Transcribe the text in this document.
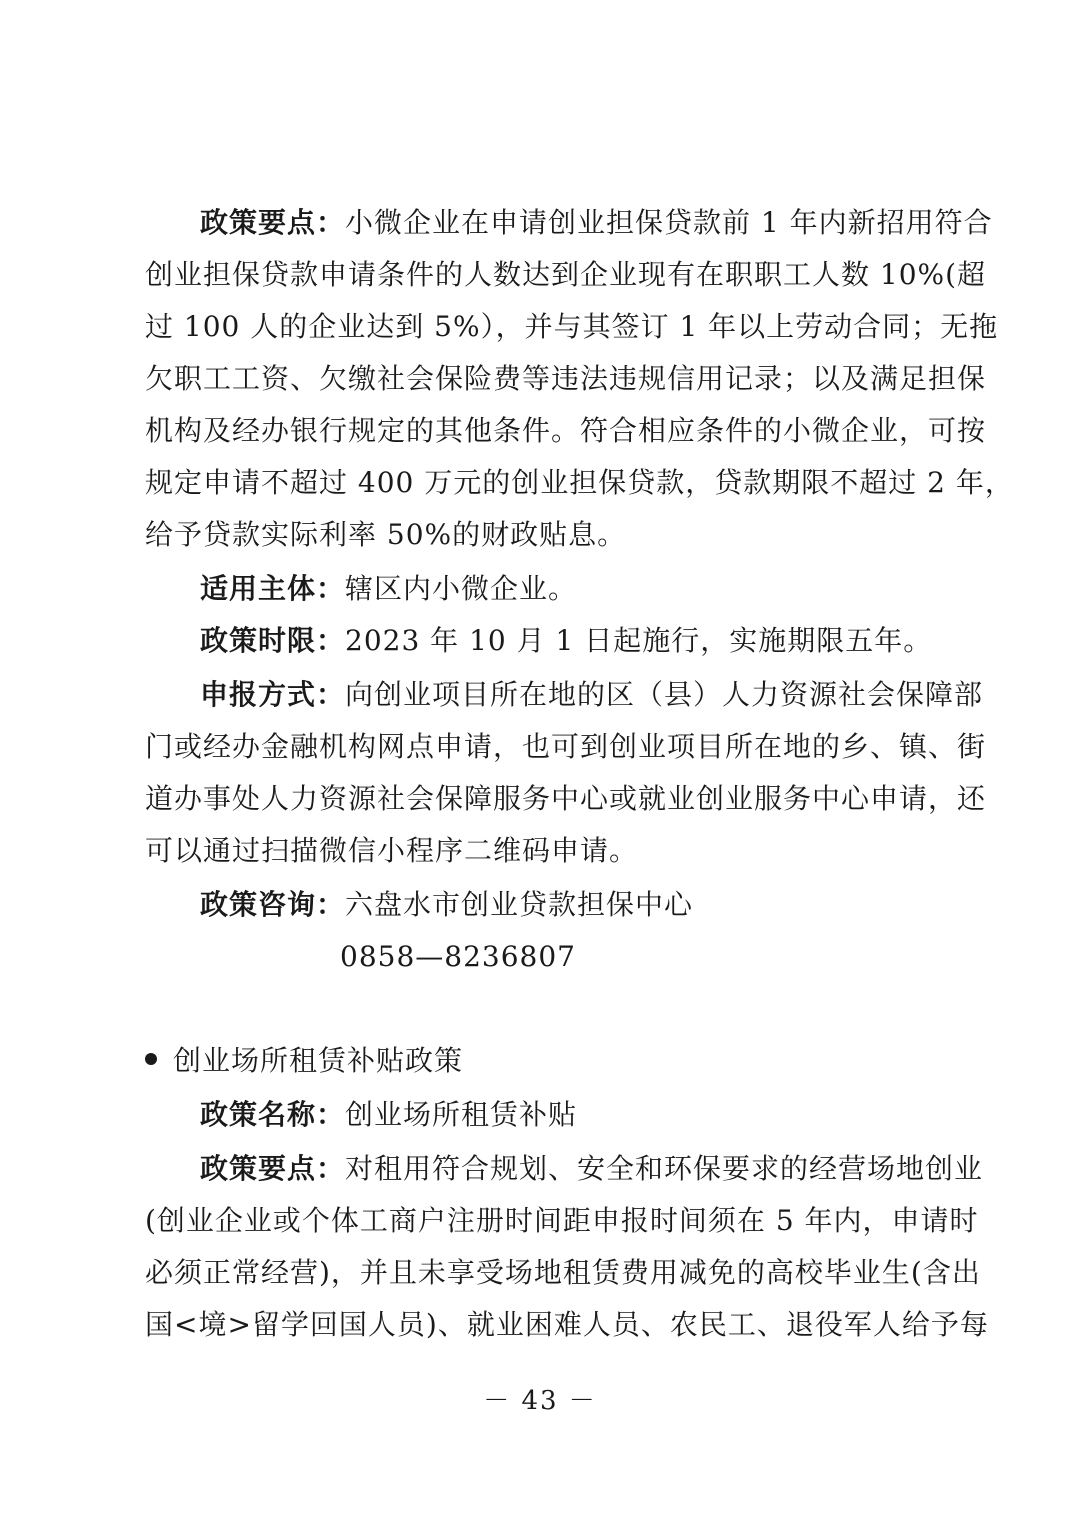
政策要点：小微企业在申请创业担保贷款前 1 年内新招用符合
创业担保贷款申请条件的人数达到企业现有在职职工人数 10%(超
过 100 人的企业达到 5%），并与其签订 1 年以上劳动合同；无拖
欠职工工资、欠缴社会保险费等违法违规信用记录；以及满足担保
机构及经办银行规定的其他条件。符合相应条件的小微企业，可按
规定申请不超过 400 万元的创业担保贷款，贷款期限不超过 2 年，
给予贷款实际利率 50%的财政贴息。
适用主体：辖区内小微企业。
政策时限：2023 年 10 月 1 日起施行，实施期限五年。
申报方式：向创业项目所在地的区（县）人力资源社会保障部
门或经办金融机构网点申请，也可到创业项目所在地的乡、镇、街
道办事处人力资源社会保障服务中心或就业创业服务中心申请，还
可以通过扫描微信小程序二维码申请。
政策咨询：六盘水市创业贷款担保中心
0858—8236807
创业场所租赁补贴政策
政策名称：创业场所租赁补贴
政策要点：对租用符合规划、安全和环保要求的经营场地创业
(创业企业或个体工商户注册时间距申报时间须在 5 年内，申请时
必须正常经营)，并且未享受场地租赁费用减免的高校毕业生(含出
国<境>留学回国人员)、就业困难人员、农民工、退役军人给予每
－ 43 －
